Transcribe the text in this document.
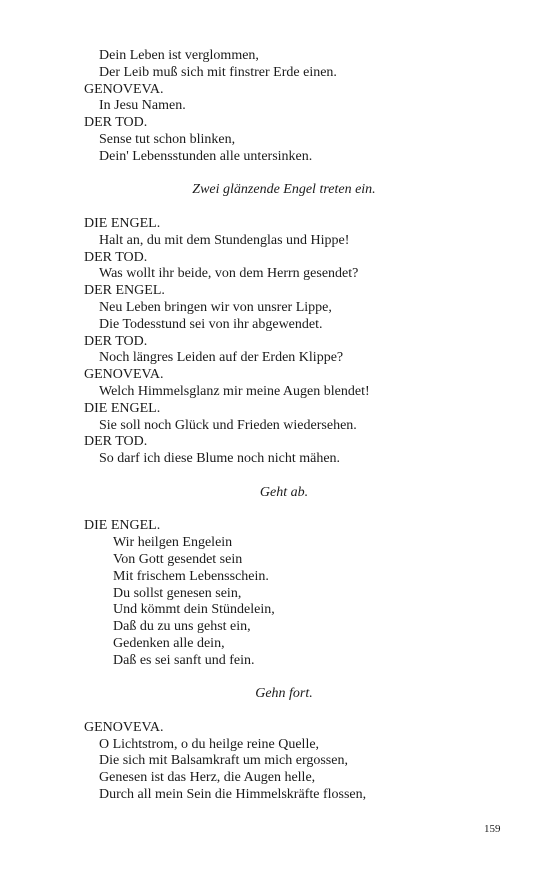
Dein Leben ist verglommen,
Der Leib muß sich mit finstrer Erde einen.
GENOVEVA.
In Jesu Namen.
DER TOD.
Sense tut schon blinken,
Dein' Lebensstunden alle untersinken.
Zwei glänzende Engel treten ein.
DIE ENGEL.
Halt an, du mit dem Stundenglas und Hippe!
DER TOD.
Was wollt ihr beide, von dem Herrn gesendet?
DER ENGEL.
Neu Leben bringen wir von unsrer Lippe,
Die Todesstund sei von ihr abgewendet.
DER TOD.
Noch längres Leiden auf der Erden Klippe?
GENOVEVA.
Welch Himmelsglanz mir meine Augen blendet!
DIE ENGEL.
Sie soll noch Glück und Frieden wiedersehen.
DER TOD.
So darf ich diese Blume noch nicht mähen.
Geht ab.
DIE ENGEL.
Wir heilgen Engelein
Von Gott gesendet sein
Mit frischem Lebensschein.
Du sollst genesen sein,
Und kömmt dein Stündelein,
Daß du zu uns gehst ein,
Gedenken alle dein,
Daß es sei sanft und fein.
Gehn fort.
GENOVEVA.
O Lichtstrom, o du heilge reine Quelle,
Die sich mit Balsamkraft um mich ergossen,
Genesen ist das Herz, die Augen helle,
Durch all mein Sein die Himmelskräfte flossen,
159
